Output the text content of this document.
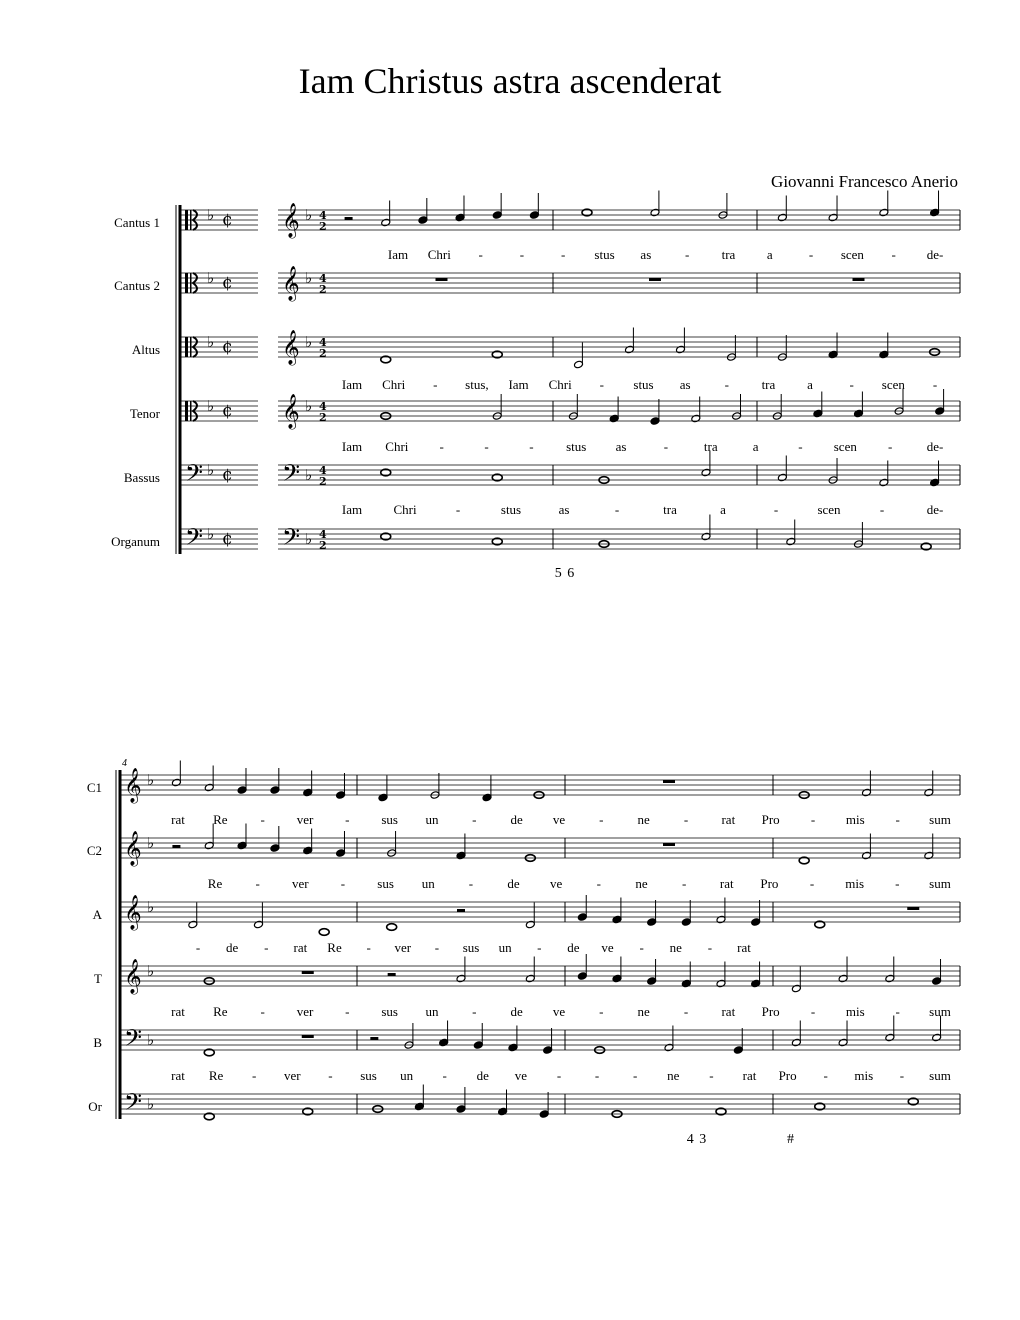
Iam Christus astra ascenderat
Giovanni Francesco Anerio
♭ ¢ 𝄞 ♭ 4
2
♭ ¢ 𝄞 ♭ 4
2
♭ ¢ 𝄞 ♭ 4
2
♭ ¢ 𝄞 ♭ 4
2
𝄢 ♭ ¢ 𝄢 ♭ 4
2
𝄢 ♭ ¢ 𝄢 ♭ 4
2
𝄞 ♭
𝄞 ♭
𝄞 ♭
𝄞 ♭
𝄢 ♭
𝄢 ♭
Cantus 1
Cantus 2
Altus
Tenor
Bassus
Organum
Iam Chri -	-	- stus as	- tra a	- scen - de-
Iam Chri - stus, Iam Chri - stus as	-	tra a	- scen -
Iam Chri -	-	-	stus as	-	tra	a	- scen -	de-
Iam Chri	-	stus	as	-	tra	a	-	scen	-	de-
5 6
C1
C2
A
T
B
Or
4
rat Re	- ver - sus un	-	de ve	-	ne	-	rat Pro - mis - sum
Re	- ver - sus un	-	de ve	-	ne	-	rat Pro - mis - sum
- de - rat Re - ver - sus un - de ve - ne - rat
rat Re	- ver - sus un	-	de ve	-	ne	-	rat Pro - mis - sum
rat Re - ver - sus un - de ve -	-	- ne - rat Pro - mis - sum
4 3	#
